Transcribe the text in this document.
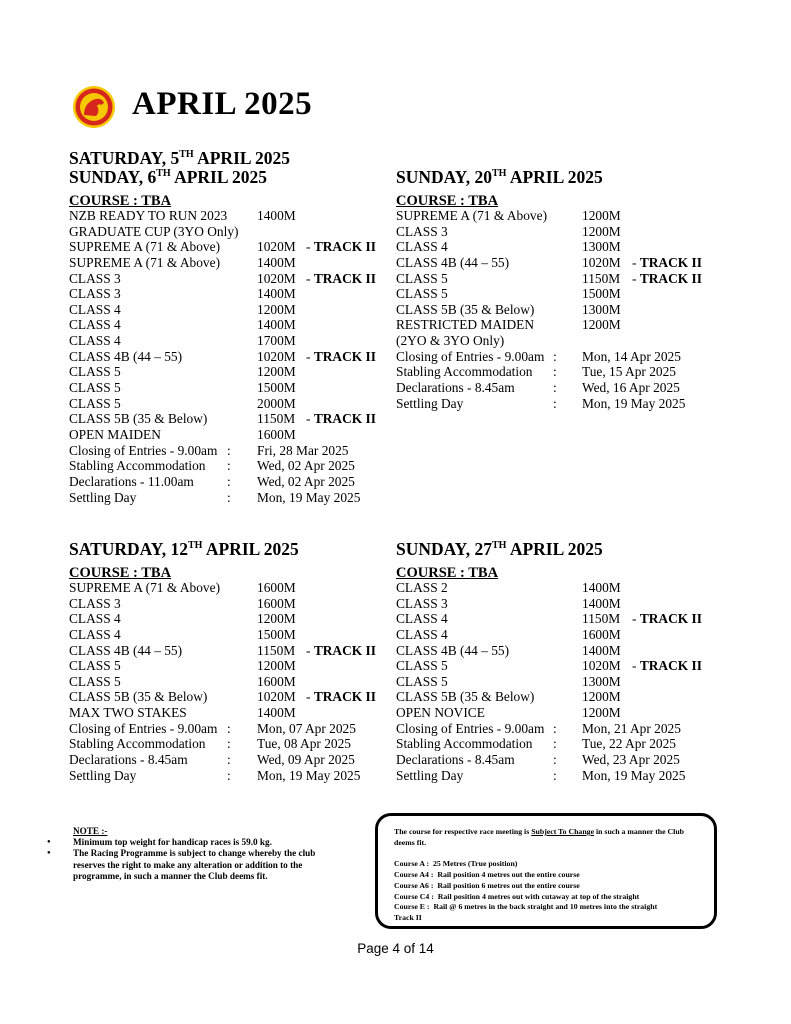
APRIL 2025
SATURDAY, 5TH APRIL 2025
SUNDAY, 6TH APRIL 2025
COURSE : TBA
NZB READY TO RUN 2023 1400M
GRADUATE CUP (3YO Only)
SUPREME A (71 & Above)	1020M - TRACK II
SUPREME A (71 & Above)	1400M
CLASS 3	1020M - TRACK II
CLASS 3	1400M
CLASS 4	1200M
CLASS 4	1400M
CLASS 4	1700M
CLASS 4B (44 – 55)	1020M - TRACK II
CLASS 5	1200M
CLASS 5	1500M
CLASS 5	2000M
CLASS 5B (35 & Below)	1150M - TRACK II
OPEN MAIDEN	1600M
Closing of Entries - 9.00am : Fri, 28 Mar 2025
Stabling Accommodation : Wed, 02 Apr 2025
Declarations - 11.00am : Wed, 02 Apr 2025
Settling Day	: Mon, 19 May 2025
SUNDAY, 20TH APRIL 2025
COURSE : TBA
SUPREME A (71 & Above)	1200M
CLASS 3	1200M
CLASS 4	1300M
CLASS 4B (44 – 55)	1020M - TRACK II
CLASS 5	1150M - TRACK II
CLASS 5	1500M
CLASS 5B (35 & Below)	1300M
RESTRICTED MAIDEN	1200M
(2YO & 3YO Only)
Closing of Entries - 9.00am : Mon, 14 Apr 2025
Stabling Accommodation : Tue, 15 Apr 2025
Declarations - 8.45am	: Wed, 16 Apr 2025
Settling Day	: Mon, 19 May 2025
SATURDAY, 12TH APRIL 2025
COURSE : TBA
SUPREME A (71 & Above)	1600M
CLASS 3	1600M
CLASS 4	1200M
CLASS 4	1500M
CLASS 4B (44 – 55)	1150M - TRACK II
CLASS 5	1200M
CLASS 5	1600M
CLASS 5B (35 & Below)	1020M - TRACK II
MAX TWO STAKES	1400M
Closing of Entries - 9.00am : Mon, 07 Apr 2025
Stabling Accommodation : Tue, 08 Apr 2025
Declarations - 8.45am	: Wed, 09 Apr 2025
Settling Day	: Mon, 19 May 2025
SUNDAY, 27TH APRIL 2025
COURSE : TBA
CLASS 2	1400M
CLASS 3	1400M
CLASS 4	1150M - TRACK II
CLASS 4	1600M
CLASS 4B (44 – 55)	1400M
CLASS 5	1020M - TRACK II
CLASS 5	1300M
CLASS 5B (35 & Below)	1200M
OPEN NOVICE	1200M
Closing of Entries - 9.00am : Mon, 21 Apr 2025
Stabling Accommodation : Tue, 22 Apr 2025
Declarations - 8.45am	: Wed, 23 Apr 2025
Settling Day	: Mon, 19 May 2025
NOTE :-
● Minimum top weight for handicap races is 59.0 kg.
● The Racing Programme is subject to change whereby the club reserves the right to make any alteration or addition to the programme, in such a manner the Club deems fit.
The course for respective race meeting is Subject To Change in such a manner the Club deems fit.
Course A : 25 Metres (True position)
Course A4 : Rail position 4 metres out the entire course
Course A6 : Rail position 6 metres out the entire course
Course C4 : Rail position 4 metres out with cutaway at top of the straight
Course E : Rail @ 6 metres in the back straight and 10 metres into the straight
Track II
Page 4 of 14
